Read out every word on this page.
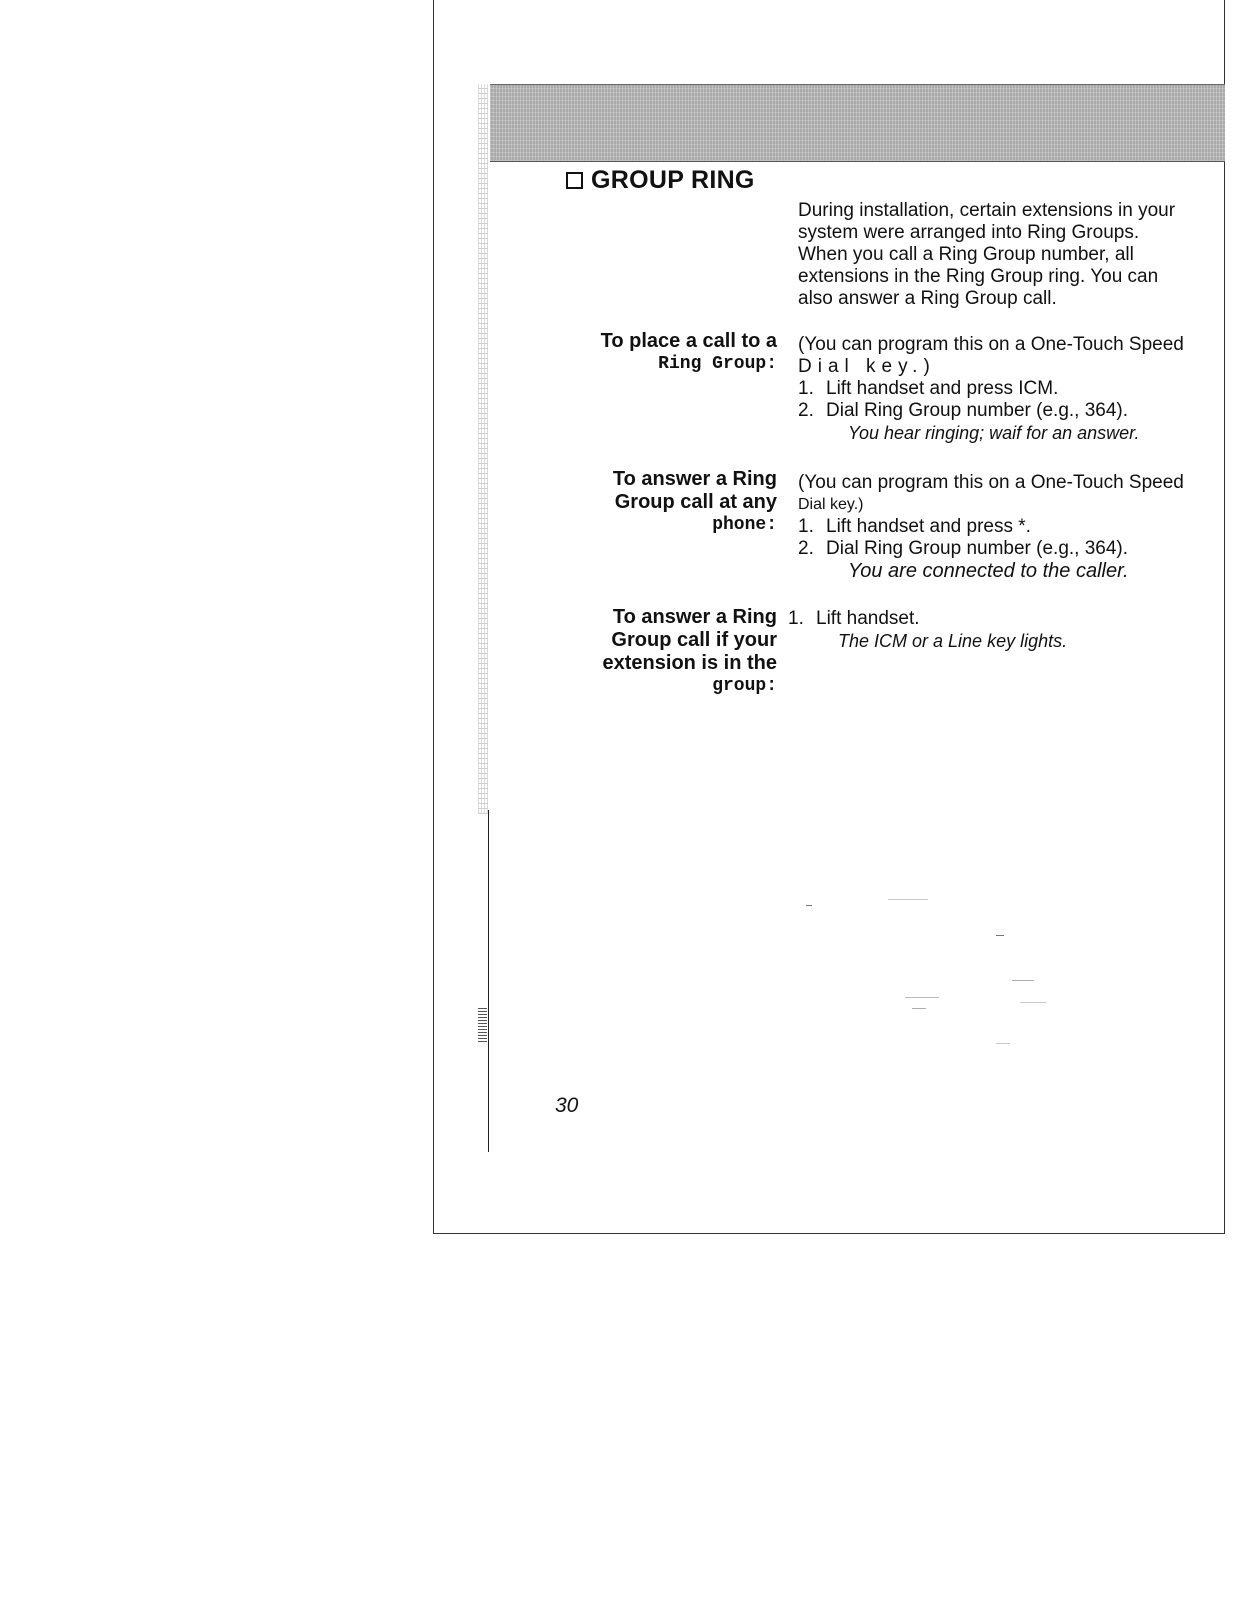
GROUP RING
During installation, certain extensions in your system were arranged into Ring Groups. When you call a Ring Group number, all extensions in the Ring Group ring. You can also answer a Ring Group call.
To place a call to a
Ring Group:
(You can program this on a One-Touch Speed
Dial key.)
1. Lift handset and press ICM.
2. Dial Ring Group number (e.g., 364).
You hear ringing; waif for an answer.
To answer a Ring
Group call at any
phone:
(You can program this on a One-Touch Speed
Dial key.)
1. Lift handset and press *.
2. Dial Ring Group number (e.g., 364).
You are connected to the caller.
To answer a Ring
Group call if your
extension is in the
group:
1. Lift handset.
The ICM or a Line key lights.
30
